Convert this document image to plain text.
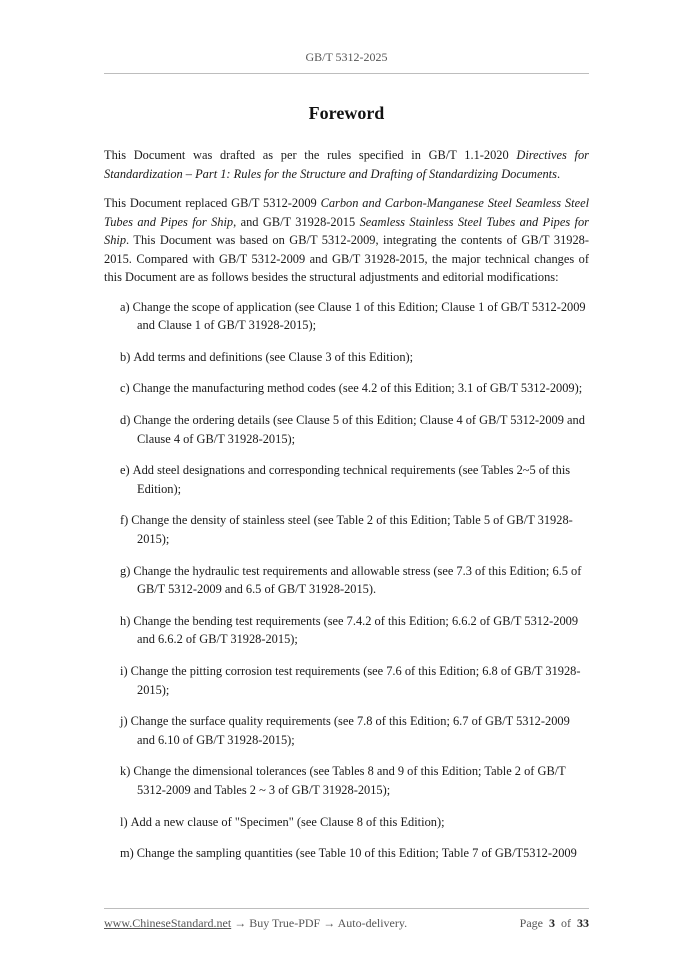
GB/T 5312-2025
Foreword

This Document was drafted as per the rules specified in GB/T 1.1-2020 Directives for Standardization – Part 1: Rules for the Structure and Drafting of Standardizing Documents.

This Document replaced GB/T 5312-2009 Carbon and Carbon-Manganese Steel Seamless Steel Tubes and Pipes for Ship, and GB/T 31928-2015 Seamless Stainless Steel Tubes and Pipes for Ship. This Document was based on GB/T 5312-2009, integrating the contents of GB/T 31928-2015. Compared with GB/T 5312-2009 and GB/T 31928-2015, the major technical changes of this Document are as follows besides the structural adjustments and editorial modifications:

a) Change the scope of application (see Clause 1 of this Edition; Clause 1 of GB/T 5312-2009 and Clause 1 of GB/T 31928-2015);

b) Add terms and definitions (see Clause 3 of this Edition);

c) Change the manufacturing method codes (see 4.2 of this Edition; 3.1 of GB/T 5312-2009);

d) Change the ordering details (see Clause 5 of this Edition; Clause 4 of GB/T 5312-2009 and Clause 4 of GB/T 31928-2015);

e) Add steel designations and corresponding technical requirements (see Tables 2~5 of this Edition);

f) Change the density of stainless steel (see Table 2 of this Edition; Table 5 of GB/T 31928-2015);

g) Change the hydraulic test requirements and allowable stress (see 7.3 of this Edition; 6.5 of GB/T 5312-2009 and 6.5 of GB/T 31928-2015).

h) Change the bending test requirements (see 7.4.2 of this Edition; 6.6.2 of GB/T 5312-2009 and 6.6.2 of GB/T 31928-2015);

i) Change the pitting corrosion test requirements (see 7.6 of this Edition; 6.8 of GB/T 31928-2015);

j) Change the surface quality requirements (see 7.8 of this Edition; 6.7 of GB/T 5312-2009 and 6.10 of GB/T 31928-2015);

k) Change the dimensional tolerances (see Tables 8 and 9 of this Edition; Table 2 of GB/T 5312-2009 and Tables 2 ~ 3 of GB/T 31928-2015);

l) Add a new clause of "Specimen" (see Clause 8 of this Edition);

m) Change the sampling quantities (see Table 10 of this Edition; Table 7 of GB/T5312-2009

www.ChineseStandard.net → Buy True-PDF → Auto-delivery.	Page 3 of 33
